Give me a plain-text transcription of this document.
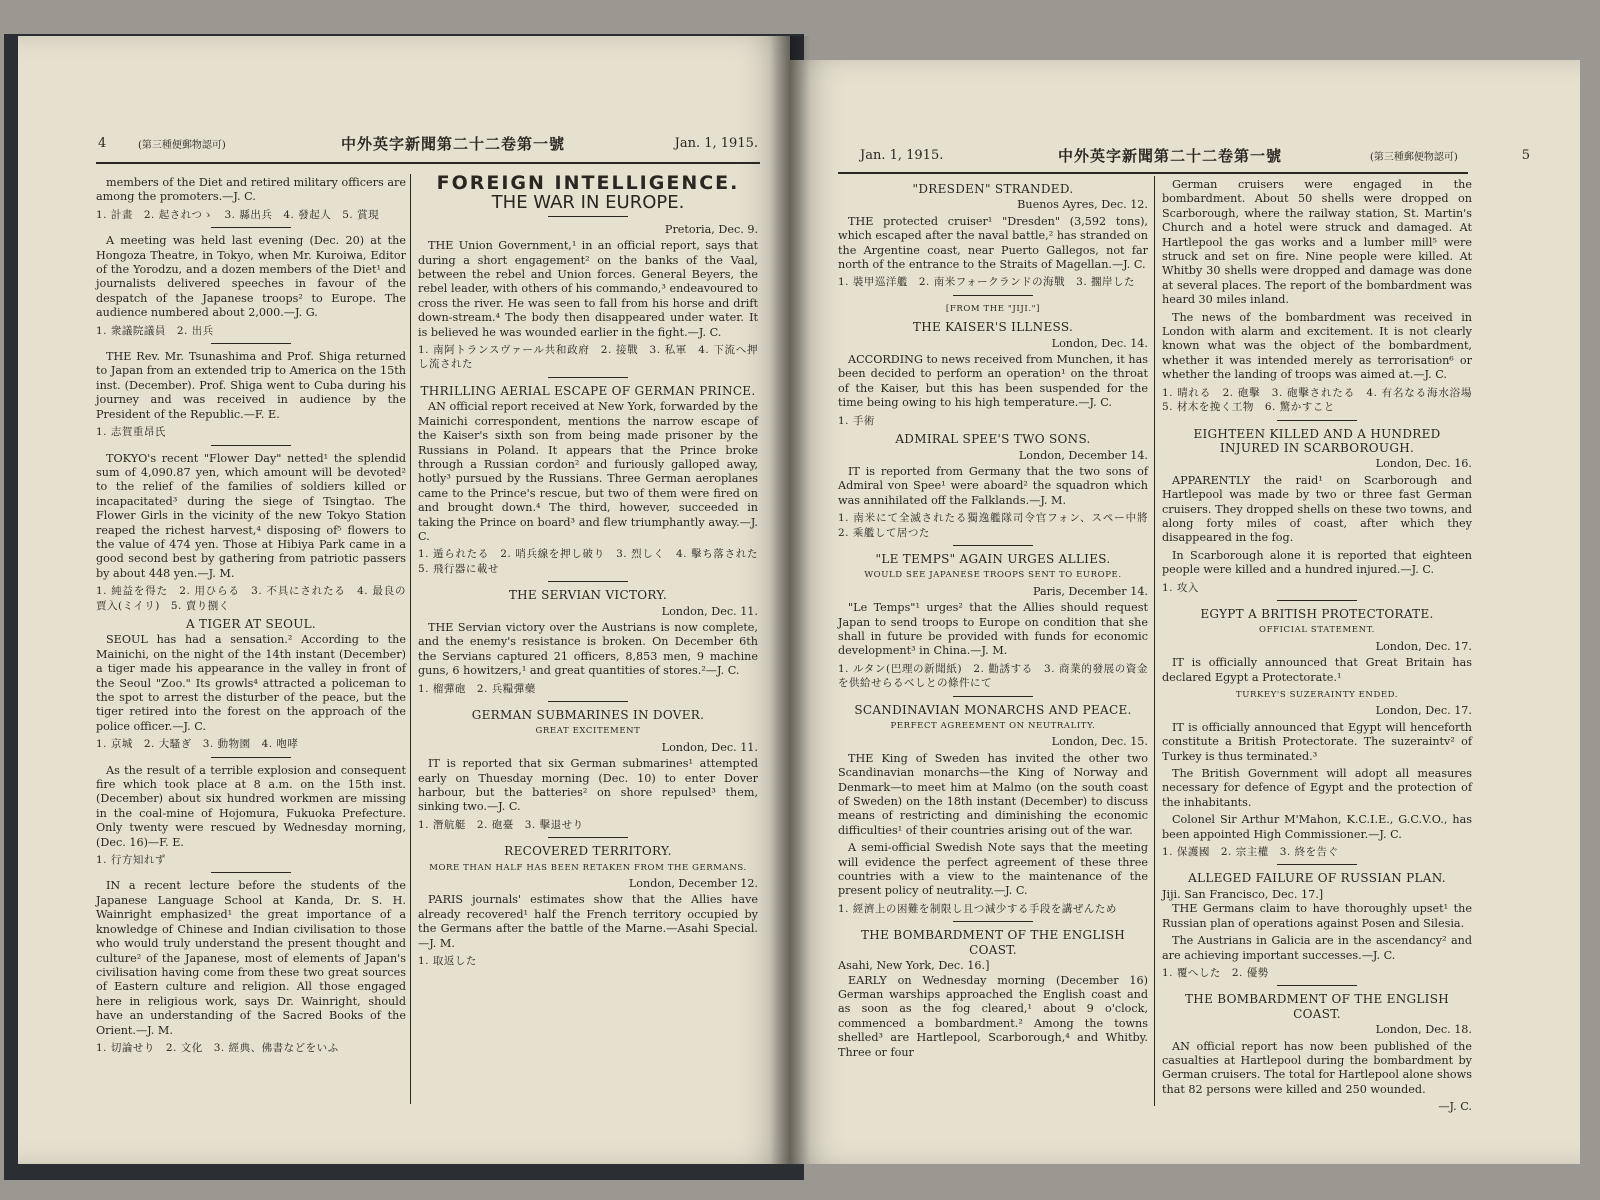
4	(第三種便郵物認可)	中外英字新聞第二十二卷第一號	Jan. 1, 1915.

members of the Diet and retired military officers are among the promoters.—J. C.

1. 計畫　2. 起されつゝ　3. 縣出兵　4. 發起人　5. 賞現

A meeting was held last evening (Dec. 20) at the Hongoza Theatre, in Tokyo, when Mr. Kuroiwa, Editor of the Yorodzu, and a dozen members of the Diet¹ and journalists delivered speeches in favour of the despatch of the Japanese troops² to Europe. The audience numbered about 2,000.—J. G.

1. 衆議院議員　2. 出兵

THE Rev. Mr. Tsunashima and Prof. Shiga returned to Japan from an extended trip to America on the 15th inst. (December). Prof. Shiga went to Cuba during his journey and was received in audience by the President of the Republic.—F. E.

1. 志賀重昂氏

TOKYO's recent "Flower Day" netted¹ the splendid sum of 4,090.87 yen, which amount will be devoted² to the relief of the families of soldiers killed or incapacitated³ during the siege of Tsingtao. The Flower Girls in the vicinity of the new Tokyo Station reaped the richest harvest,⁴ disposing of⁵ flowers to the value of 474 yen. Those at Hibiya Park came in a good second best by gathering from patriotic passers by about 448 yen.—J. M.

1. 純益を得た　2. 用ひらる　3. 不具にされたる　4. 最良の賈入(ミイリ)　5. 賣り捌く

A TIGER AT SEOUL.

SEOUL has had a sensation.² According to the Mainichi, on the night of the 14th instant (December) a tiger made his appearance in the valley in front of the Seoul "Zoo." Its growls⁴ attracted a policeman to the spot to arrest the disturber of the peace, but the tiger retired into the forest on the approach of the police officer.—J. C.

1. 京城　2. 大騷ぎ　3. 動物園　4. 咆哮

As the result of a terrible explosion and consequent fire which took place at 8 a.m. on the 15th inst. (December) about six hundred workmen are missing in the coal-mine of Hojomura, Fukuoka Prefecture. Only twenty were rescued by Wednesday morning, (Dec. 16)—F. E.

1. 行方知れず

IN a recent lecture before the students of the Japanese Language School at Kanda, Dr. S. H. Wainright emphasized¹ the great importance of a knowledge of Chinese and Indian civilisation to those who would truly understand the present thought and culture² of the Japanese, most of elements of Japan's civilisation having come from these two great sources of Eastern culture and religion. All those engaged here in religious work, says Dr. Wainright, should have an understanding of the Sacred Books of the Orient.—J. M.

1. 切論せり　2. 文化　3. 經典、佛書などをいふ

FOREIGN INTELLIGENCE.
THE WAR IN EUROPE.

Pretoria, Dec. 9.

THE Union Government,¹ in an official report, says that during a short engagement² on the banks of the Vaal, between the rebel and Union forces. General Beyers, the rebel leader, with others of his commando,³ endeavoured to cross the river. He was seen to fall from his horse and drift down-stream.⁴ The body then disappeared under water. It is believed he was wounded earlier in the fight.—J. C.

1. 南阿トランスヴァール共和政府　2. 接戰　3. 私軍　4. 下流へ押し流された

THRILLING AERIAL ESCAPE OF GERMAN PRINCE.

AN official report received at New York, forwarded by the Mainichi correspondent, mentions the narrow escape of the Kaiser's sixth son from being made prisoner by the Russians in Poland. It appears that the Prince broke through a Russian cordon² and furiously galloped away, hotly³ pursued by the Russians. Three German aeroplanes came to the Prince's rescue, but two of them were fired on and brought down.⁴ The third, however, succeeded in taking the Prince on board³ and flew triumphantly away.—J. C.

1. 遁られたる　2. 哨兵線を押し破り　3. 烈しく　4. 擊ち落された　5. 飛行器に載せ

THE SERVIAN VICTORY.

London, Dec. 11.

THE Servian victory over the Austrians is now complete, and the enemy's resistance is broken. On December 6th the Servians captured 21 officers, 8,853 men, 9 machine guns, 6 howitzers,¹ and great quantities of stores.²—J. C.

1. 榴彈砲　2. 兵糧彈藥

GERMAN SUBMARINES IN DOVER.
GREAT EXCITEMENT

London, Dec. 11.

IT is reported that six German submarines¹ attempted early on Thuesday morning (Dec. 10) to enter Dover harbour, but the batteries² on shore repulsed³ them, sinking two.—J. C.

1. 潛航艇　2. 砲臺　3. 擊退せり

RECOVERED TERRITORY.
MORE THAN HALF HAS BEEN RETAKEN FROM THE GERMANS.

London, December 12.

PARIS journals' estimates show that the Allies have already recovered¹ half the French territory occupied by the Germans after the battle of the Marne.—Asahi Special.—J. M.

1. 取返した

Jan. 1, 1915.	中外英字新聞第二十二卷第一號	(第三種郵便物認可)	5
"DRESDEN" STRANDED.

Buenos Ayres, Dec. 12.

THE protected cruiser¹ "Dresden" (3,592 tons), which escaped after the naval battle,² has stranded on the Argentine coast, near Puerto Gallegos, not far north of the entrance to the Straits of Magellan.—J. C.

1. 裝甲巡洋艦　2. 南米フォークランドの海戰　3. 擱岸した

[FROM THE "JIJI."]
THE KAISER'S ILLNESS.

London, Dec. 14.

ACCORDING to news received from Munchen, it has been decided to perform an operation¹ on the throat of the Kaiser, but this has been suspended for the time being owing to his high temperature.—J. C.

1. 手術

ADMIRAL SPEE'S TWO SONS.

London, December 14.

IT is reported from Germany that the two sons of Admiral von Spee¹ were aboard² the squadron which was annihilated off the Falklands.—J. M.

1. 南米にて全滅されたる獨逸艦隊司令官フォン、スペー中將　2. 乘艦して居つた

"LE TEMPS" AGAIN URGES ALLIES.
WOULD SEE JAPANESE TROOPS SENT TO EUROPE.

Paris, December 14.

"Le Temps"¹ urges² that the Allies should request Japan to send troops to Europe on condition that she shall in future be provided with funds for economic development³ in China.—J. M.

1. ルタン(巴理の新聞紙)　2. 勸誘する　3. 商業的發展の資金を供給せらるべしとの條件にて

SCANDINAVIAN MONARCHS AND PEACE.
PERFECT AGREEMENT ON NEUTRALITY.

London, Dec. 15.

THE King of Sweden has invited the other two Scandinavian monarchs—the King of Norway and Denmark—to meet him at Malmo (on the south coast of Sweden) on the 18th instant (December) to discuss means of restricting and diminishing the economic difficulties¹ of their countries arising out of the war.

A semi-official Swedish Note says that the meeting will evidence the perfect agreement of these three countries with a view to the maintenance of the present policy of neutrality.—J. C.

1. 經濟上の困難を制限し且つ減少する手段を講ぜんため

THE BOMBARDMENT OF THE ENGLISH COAST.

Asahi, New York, Dec. 16.]

EARLY on Wednesday morning (December 16) German warships approached the English coast and as soon as the fog cleared,¹ about 9 o'clock, commenced a bombardment.² Among the towns shelled³ are Hartlepool, Scarborough,⁴ and Whitby. Three or four

German cruisers were engaged in the bombardment. About 50 shells were dropped on Scarborough, where the railway station, St. Martin's Church and a hotel were struck and damaged. At Hartlepool the gas works and a lumber mill⁵ were struck and set on fire. Nine people were killed. At Whitby 30 shells were dropped and damage was done at several places. The report of the bombardment was heard 30 miles inland.

The news of the bombardment was received in London with alarm and excitement. It is not clearly known what was the object of the bombardment, whether it was intended merely as terrorisation⁶ or whether the landing of troops was aimed at.—J. C.

1. 晴れる　2. 砲擊　3. 砲擊されたる　4. 有名なる海水浴場　5. 材木を挽く工物　6. 驚かすこと

EIGHTEEN KILLED AND A HUNDRED INJURED IN SCARBOROUGH.

London, Dec. 16.

APPARENTLY the raid¹ on Scarborough and Hartlepool was made by two or three fast German cruisers. They dropped shells on these two towns, and along forty miles of coast, after which they disappeared in the fog.

In Scarborough alone it is reported that eighteen people were killed and a hundred injured.—J. C.

1. 攻入

EGYPT A BRITISH PROTECTORATE.
OFFICIAL STATEMENT.

London, Dec. 17.

IT is officially announced that Great Britain has declared Egypt a Protectorate.¹

TURKEY'S SUZERAINTY ENDED.

London, Dec. 17.

IT is officially announced that Egypt will henceforth constitute a British Protectorate. The suzeraintv² of Turkey is thus terminated.³

The British Government will adopt all measures necessary for defence of Egypt and the protection of the inhabitants.

Colonel Sir Arthur M'Mahon, K.C.I.E., G.C.V.O., has been appointed High Commissioner.—J. C.

1. 保護國　2. 宗主權　3. 終を告ぐ

ALLEGED FAILURE OF RUSSIAN PLAN.

Jiji. San Francisco, Dec. 17.]

THE Germans claim to have thoroughly upset¹ the Russian plan of operations against Posen and Silesia.

The Austrians in Galicia are in the ascendancy² and are achieving important successes.—J. C.

1. 覆へした　2. 優勢

THE BOMBARDMENT OF THE ENGLISH COAST.

London, Dec. 18.

AN official report has now been published of the casualties at Hartlepool during the bombardment by German cruisers. The total for Hartlepool alone shows that 82 persons were killed and 250 wounded.

—J. C.
